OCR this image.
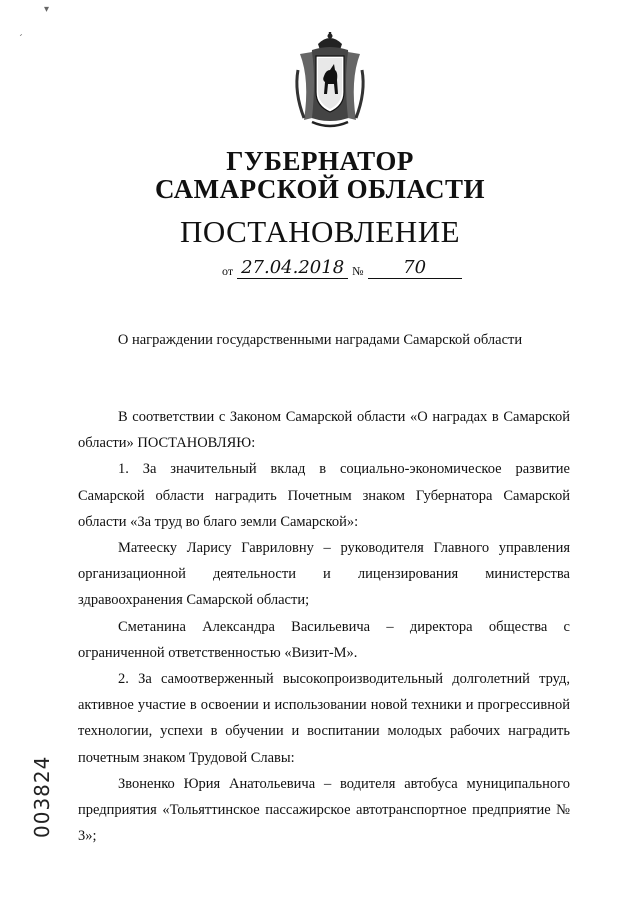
▾
ˊ
ГУБЕРНАТОР
САМАРСКОЙ ОБЛАСТИ
ПОСТАНОВЛЕНИЕ
от 27.04.2018 №	70
О награждении государственными наградами Самарской области

В соответствии с Законом Самарской области «О наградах в Самарской области» ПОСТАНОВЛЯЮ:

1. За значительный вклад в социально-экономическое развитие Самарской области наградить Почетным знаком Губернатора Самарской области «За труд во благо земли Самарской»:

Матееску Ларису Гавриловну – руководителя Главного управления организационной деятельности и лицензирования министерства здравоохранения Самарской области;

Сметанина Александра Васильевича – директора общества с ограниченной ответственностью «Визит-М».

2. За самоотверженный высокопроизводительный долголетний труд, активное участие в освоении и использовании новой техники и прогрессивной технологии, успехи в обучении и воспитании молодых рабочих наградить почетным знаком Трудовой Славы:

Звоненко Юрия Анатольевича – водителя автобуса муниципального предприятия «Тольяттинское пассажирское автотранспортное предприятие № 3»;

003824
